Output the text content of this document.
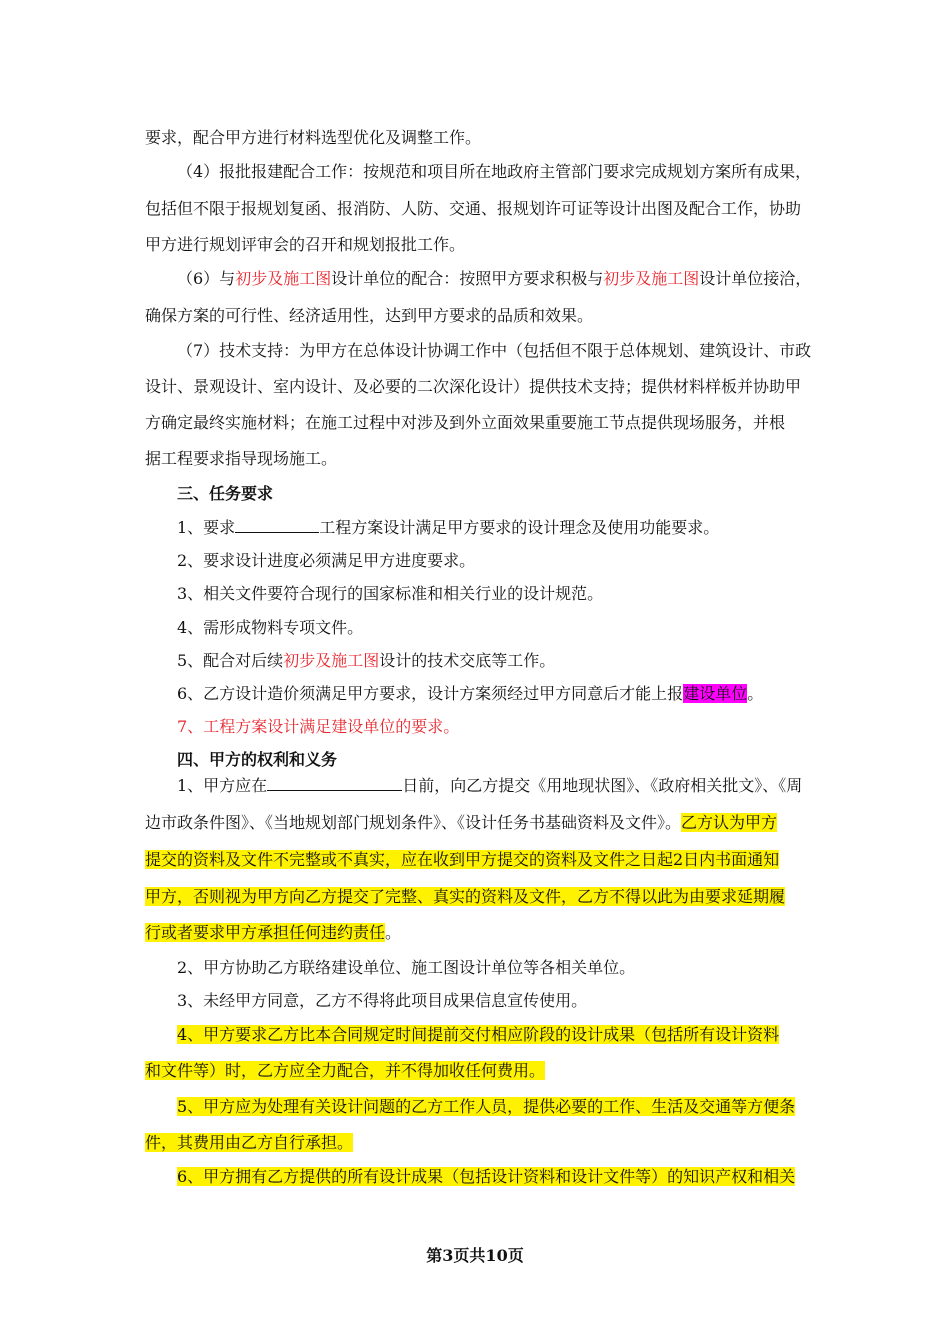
要求，配合甲方进行材料选型优化及调整工作。
（4）报批报建配合工作：按规范和项目所在地政府主管部门要求完成规划方案所有成果，
包括但不限于报规划复函、报消防、人防、交通、报规划许可证等设计出图及配合工作，协助
甲方进行规划评审会的召开和规划报批工作。
（6）与初步及施工图设计单位的配合：按照甲方要求积极与初步及施工图设计单位接洽，
确保方案的可行性、经济适用性，达到甲方要求的品质和效果。
（7）技术支持：为甲方在总体设计协调工作中（包括但不限于总体规划、建筑设计、市政
设计、景观设计、室内设计、及必要的二次深化设计）提供技术支持；提供材料样板并协助甲
方确定最终实施材料；在施工过程中对涉及到外立面效果重要施工节点提供现场服务，并根
据工程要求指导现场施工。
三、任务要求
1、要求	工程方案设计满足甲方要求的设计理念及使用功能要求。
2、要求设计进度必须满足甲方进度要求。
3、相关文件要符合现行的国家标准和相关行业的设计规范。
4、需形成物料专项文件。
5、配合对后续初步及施工图设计的技术交底等工作。
6、乙方设计造价须满足甲方要求，设计方案须经过甲方同意后才能上报建设单位。
7、工程方案设计满足建设单位的要求。
四、甲方的权利和义务
1、甲方应在	日前，向乙方提交《用地现状图》、《政府相关批文》、《周
边市政条件图》、《当地规划部门规划条件》、《设计任务书基础资料及文件》。乙方认为甲方
提交的资料及文件不完整或不真实，应在收到甲方提交的资料及文件之日起2日内书面通知
甲方，否则视为甲方向乙方提交了完整、真实的资料及文件，乙方不得以此为由要求延期履
行或者要求甲方承担任何违约责任。
2、甲方协助乙方联络建设单位、施工图设计单位等各相关单位。
3、未经甲方同意，乙方不得将此项目成果信息宣传使用。
4、甲方要求乙方比本合同规定时间提前交付相应阶段的设计成果（包括所有设计资料
和文件等）时，乙方应全力配合，并不得加收任何费用。
5、甲方应为处理有关设计问题的乙方工作人员，提供必要的工作、生活及交通等方便条
件，其费用由乙方自行承担。
6、甲方拥有乙方提供的所有设计成果（包括设计资料和设计文件等）的知识产权和相关
第3页共10页
